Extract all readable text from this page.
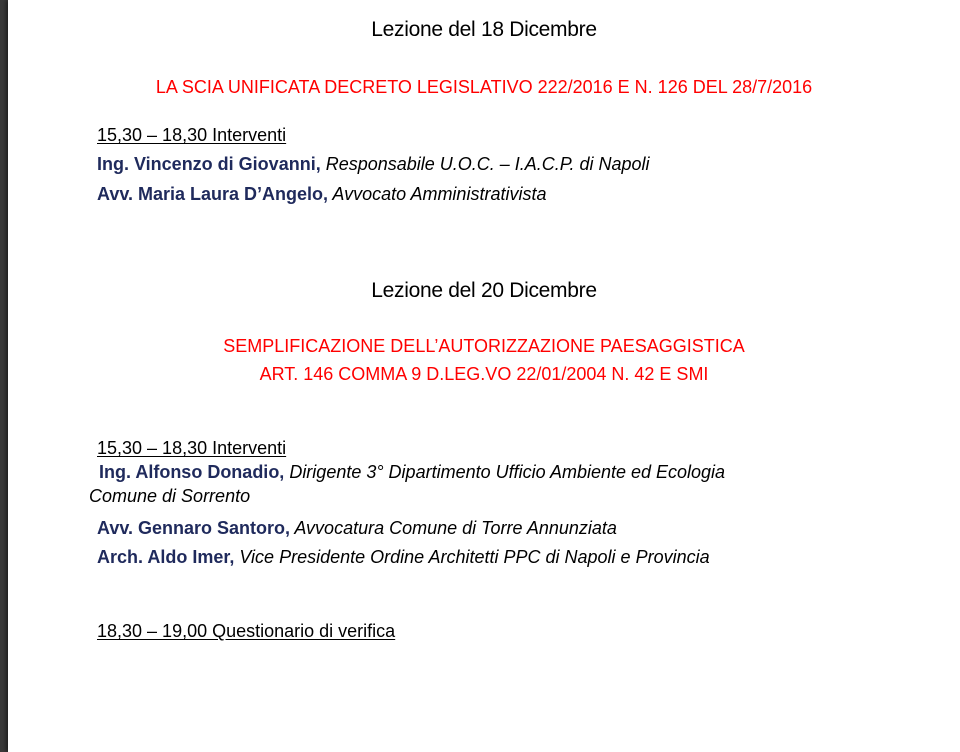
Lezione del 18 Dicembre
LA SCIA UNIFICATA DECRETO LEGISLATIVO 222/2016 E N. 126 DEL 28/7/2016
15,30 – 18,30 Interventi
Ing. Vincenzo di Giovanni, Responsabile U.O.C. – I.A.C.P. di Napoli
Avv. Maria Laura D’Angelo, Avvocato Amministrativista
Lezione del 20 Dicembre
SEMPLIFICAZIONE DELL’AUTORIZZAZIONE PAESAGGISTICA
ART. 146 COMMA 9 D.LEG.VO 22/01/2004 N. 42 E SMI
15,30 – 18,30 Interventi
Ing. Alfonso Donadio, Dirigente 3° Dipartimento Ufficio Ambiente ed Ecologia
Comune di Sorrento
Avv. Gennaro Santoro, Avvocatura Comune di Torre Annunziata
Arch. Aldo Imer, Vice Presidente Ordine Architetti PPC di Napoli e Provincia
18,30 – 19,00 Questionario di verifica
